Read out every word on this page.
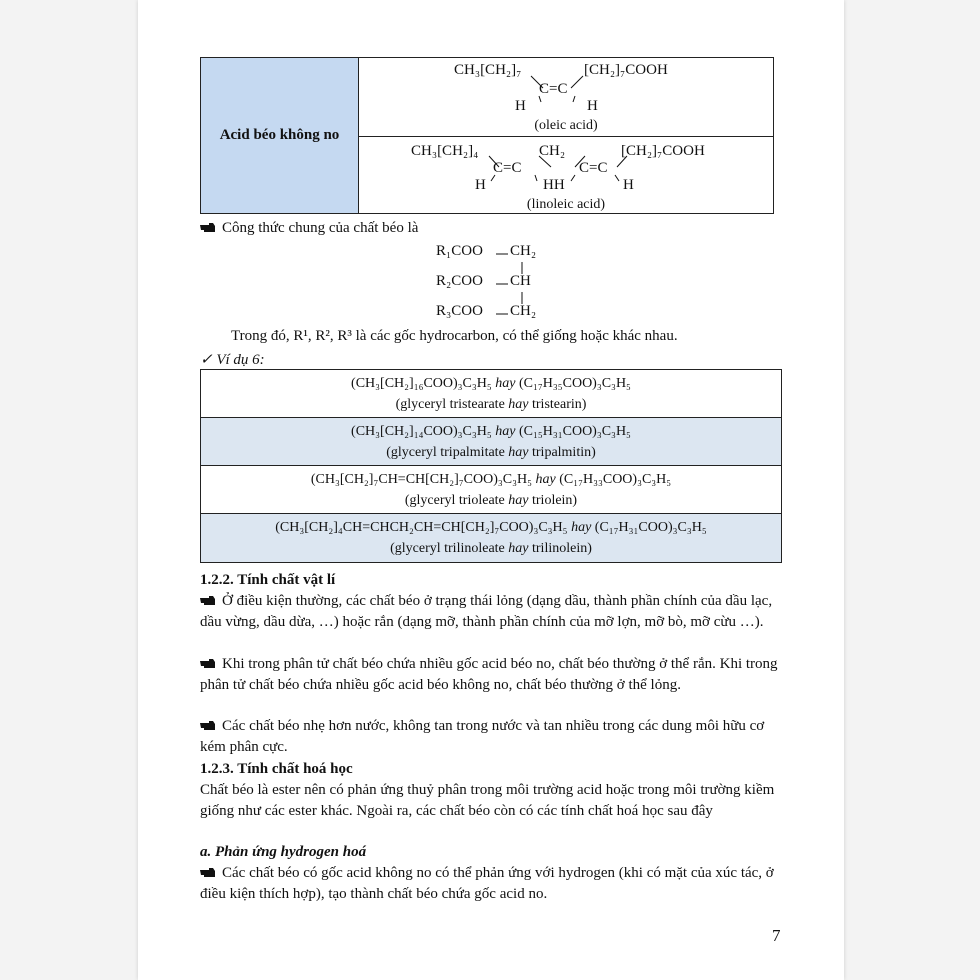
Acid béo không no
CH₃[CH₂]₇	[CH₂]₇COOH
C=C
H	H
(oleic acid)
CH₃[CH₂]₄	CH₂	[CH₂]₇COOH
C=C	C=C
H	HH	H
(linoleic acid)
Công thức chung của chất béo là
R₁COO CH₂
R₂COO CH
R₃COO CH₂
Trong đó, R¹, R², R³ là các gốc hydrocarbon, có thể giống hoặc khác nhau.
✓ Ví dụ 6:
(CH₃[CH₂]₁₆COO)₃C₃H₅ hay (C₁₇H₃₅COO)₃C₃H₅
(glyceryl tristearate hay tristearin)
(CH₃[CH₂]₁₄COO)₃C₃H₅ hay (C₁₅H₃₁COO)₃C₃H₅
(glyceryl tripalmitate hay tripalmitin)
(CH₃[CH₂]₇CH=CH[CH₂]₇COO)₃C₃H₅ hay (C₁₇H₃₃COO)₃C₃H₅
(glyceryl trioleate hay triolein)
(CH₃[CH₂]₄CH=CHCH₂CH=CH[CH₂]₇COO)₃C₃H₅ hay (C₁₇H₃₁COO)₃C₃H₅
(glyceryl trilinoleate hay trilinolein)
1.2.2. Tính chất vật lí
Ở điều kiện thường, các chất béo ở trạng thái lỏng (dạng dầu, thành phần chính của dầu lạc, dầu vừng, dầu dừa, …) hoặc rắn (dạng mỡ, thành phần chính của mỡ lợn, mỡ bò, mỡ cừu …).
Khi trong phân tử chất béo chứa nhiều gốc acid béo no, chất béo thường ở thể rắn. Khi trong phân tử chất béo chứa nhiều gốc acid béo không no, chất béo thường ở thể lỏng.
Các chất béo nhẹ hơn nước, không tan trong nước và tan nhiều trong các dung môi hữu cơ kém phân cực.
1.2.3. Tính chất hoá học
Chất béo là ester nên có phản ứng thuỷ phân trong môi trường acid hoặc trong môi trường kiềm giống như các ester khác. Ngoài ra, các chất béo còn có các tính chất hoá học sau đây
a. Phản ứng hydrogen hoá
Các chất béo có gốc acid không no có thể phản ứng với hydrogen (khi có mặt của xúc tác, ở điều kiện thích hợp), tạo thành chất béo chứa gốc acid no.
7
